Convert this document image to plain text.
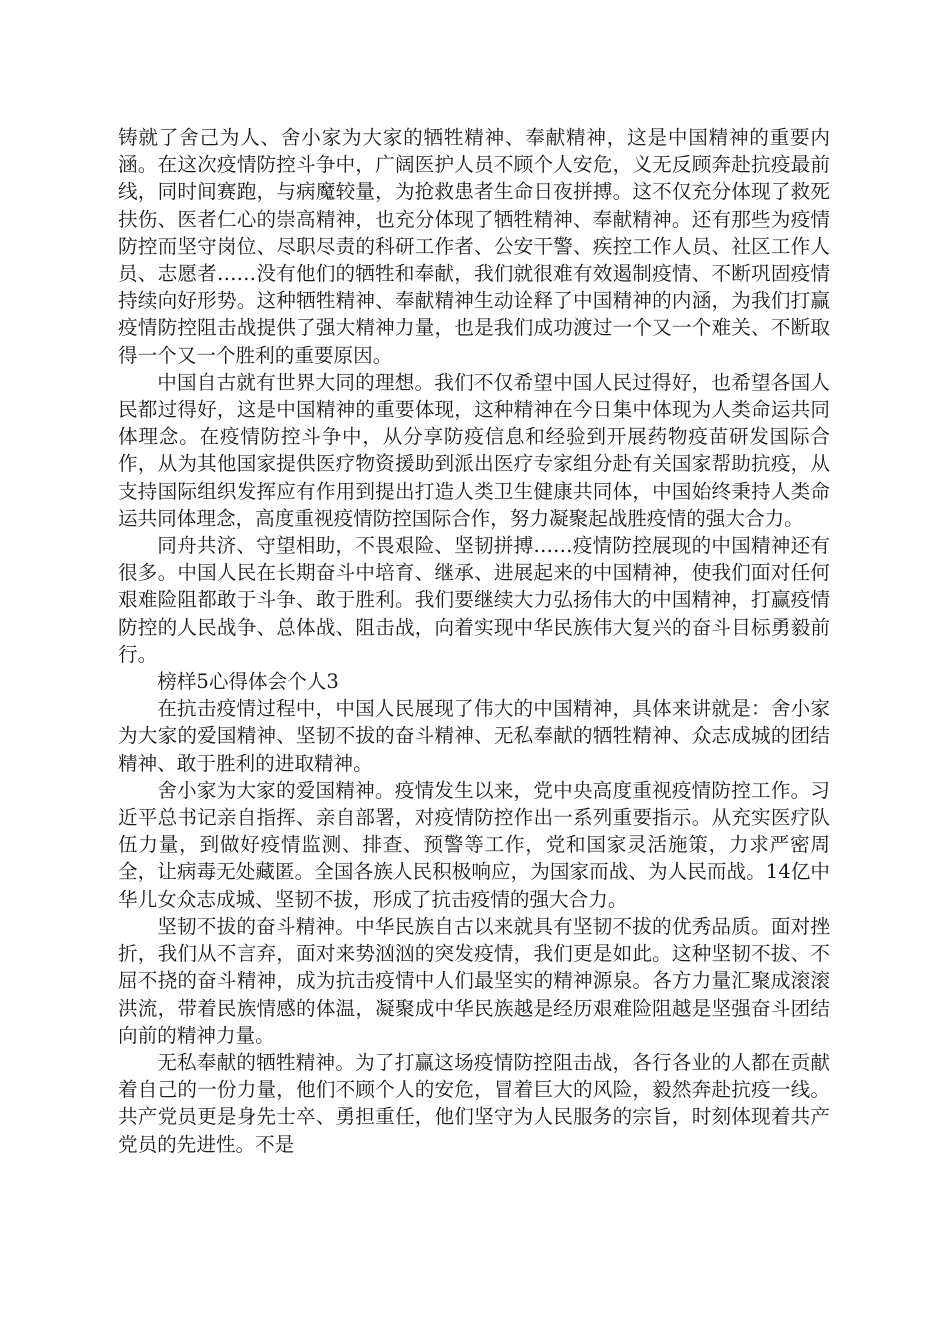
铸就了舍己为人、舍小家为大家的牺牲精神、奉献精神，这是中国精神的重要内涵。在这次疫情防控斗争中，广阔医护人员不顾个人安危，义无反顾奔赴抗疫最前线，同时间赛跑，与病魔较量，为抢救患者生命日夜拼搏。这不仅充分体现了救死扶伤、医者仁心的崇高精神，也充分体现了牺牲精神、奉献精神。还有那些为疫情防控而坚守岗位、尽职尽责的科研工作者、公安干警、疾控工作人员、社区工作人员、志愿者……没有他们的牺牲和奉献，我们就很难有效遏制疫情、不断巩固疫情持续向好形势。这种牺牲精神、奉献精神生动诠释了中国精神的内涵，为我们打赢疫情防控阻击战提供了强大精神力量，也是我们成功渡过一个又一个难关、不断取得一个又一个胜利的重要原因。

中国自古就有世界大同的理想。我们不仅希望中国人民过得好，也希望各国人民都过得好，这是中国精神的重要体现，这种精神在今日集中体现为人类命运共同体理念。在疫情防控斗争中，从分享防疫信息和经验到开展药物疫苗研发国际合作，从为其他国家提供医疗物资援助到派出医疗专家组分赴有关国家帮助抗疫，从支持国际组织发挥应有作用到提出打造人类卫生健康共同体，中国始终秉持人类命运共同体理念，高度重视疫情防控国际合作，努力凝聚起战胜疫情的强大合力。

同舟共济、守望相助，不畏艰险、坚韧拼搏……疫情防控展现的中国精神还有很多。中国人民在长期奋斗中培育、继承、进展起来的中国精神，使我们面对任何艰难险阻都敢于斗争、敢于胜利。我们要继续大力弘扬伟大的中国精神，打赢疫情防控的人民战争、总体战、阻击战，向着实现中华民族伟大复兴的奋斗目标勇毅前行。

榜样5心得体会个人3

在抗击疫情过程中，中国人民展现了伟大的中国精神，具体来讲就是：舍小家为大家的爱国精神、坚韧不拔的奋斗精神、无私奉献的牺牲精神、众志成城的团结精神、敢于胜利的进取精神。

舍小家为大家的爱国精神。疫情发生以来，党中央高度重视疫情防控工作。习近平总书记亲自指挥、亲自部署，对疫情防控作出一系列重要指示。从充实医疗队伍力量，到做好疫情监测、排查、预警等工作，党和国家灵活施策，力求严密周全，让病毒无处藏匿。全国各族人民积极响应，为国家而战、为人民而战。14亿中华儿女众志成城、坚韧不拔，形成了抗击疫情的强大合力。

坚韧不拔的奋斗精神。中华民族自古以来就具有坚韧不拔的优秀品质。面对挫折，我们从不言弃，面对来势汹汹的突发疫情，我们更是如此。这种坚韧不拔、不屈不挠的奋斗精神，成为抗击疫情中人们最坚实的精神源泉。各方力量汇聚成滚滚洪流，带着民族情感的体温，凝聚成中华民族越是经历艰难险阻越是坚强奋斗团结向前的精神力量。

无私奉献的牺牲精神。为了打赢这场疫情防控阻击战，各行各业的人都在贡献着自己的一份力量，他们不顾个人的安危，冒着巨大的风险，毅然奔赴抗疫一线。共产党员更是身先士卒、勇担重任，他们坚守为人民服务的宗旨，时刻体现着共产党员的先进性。不是
